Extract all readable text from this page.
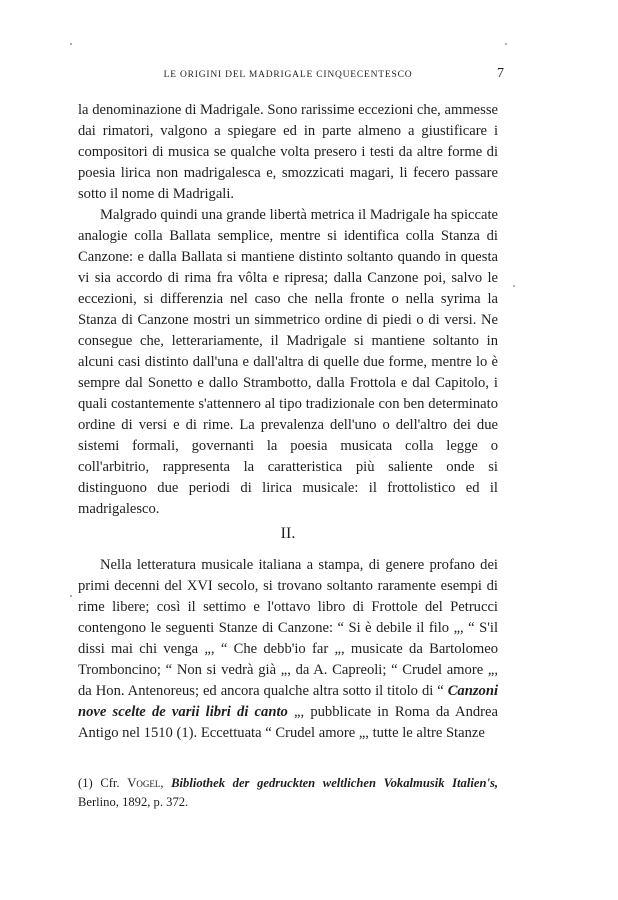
LE ORIGINI DEL MADRIGALE CINQUECENTESCO	7

la denominazione di Madrigale. Sono rarissime eccezioni che, ammesse dai rimatori, valgono a spiegare ed in parte almeno a giustificare i compositori di musica se qualche volta presero i testi da altre forme di poesia lirica non madrigalesca e, smozzicati magari, li fecero passare sotto il nome di Madrigali.

Malgrado quindi una grande libertà metrica il Madrigale ha spiccate analogie colla Ballata semplice, mentre si identifica colla Stanza di Canzone: e dalla Ballata si mantiene distinto soltanto quando in questa vi sia accordo di rima fra vôlta e ripresa; dalla Canzone poi, salvo le eccezioni, si differenzia nel caso che nella fronte o nella syrima la Stanza di Canzone mostri un simmetrico ordine di piedi o di versi. Ne consegue che, letterariamente, il Madrigale si mantiene soltanto in alcuni casi distinto dall'una e dall'altra di quelle due forme, mentre lo è sempre dal Sonetto e dallo Strambotto, dalla Frottola e dal Capitolo, i quali costantemente s'attennero al tipo tradizionale con ben determinato ordine di versi e di rime. La prevalenza dell'uno o dell'altro dei due sistemi formali, governanti la poesia musicata colla legge o coll'arbitrio, rappresenta la caratteristica più saliente onde si distinguono due periodi di lirica musicale: il frottolistico ed il madrigalesco.

II.

Nella letteratura musicale italiana a stampa, di genere profano dei primi decenni del XVI secolo, si trovano soltanto raramente esempi di rime libere; così il settimo e l'ottavo libro di Frottole del Petrucci contengono le seguenti Stanze di Canzone: “ Si è debile il filo „, “ S'il dissi mai chi venga „, “ Che debb'io far „, musicate da Bartolomeo Tromboncino; “ Non si vedrà già „, da A. Capreoli; “ Crudel amore „, da Hon. Antenoreus; ed ancora qualche altra sotto il titolo di “ Canzoni nove scelte de varii libri di canto „, pubblicate in Roma da Andrea Antigo nel 1510 (1). Eccettuata “ Crudel amore „, tutte le altre Stanze

(1) Cfr. Vogel, Bibliothek der gedruckten weltlichen Vokalmusik Italien's, Berlino, 1892, p. 372.
